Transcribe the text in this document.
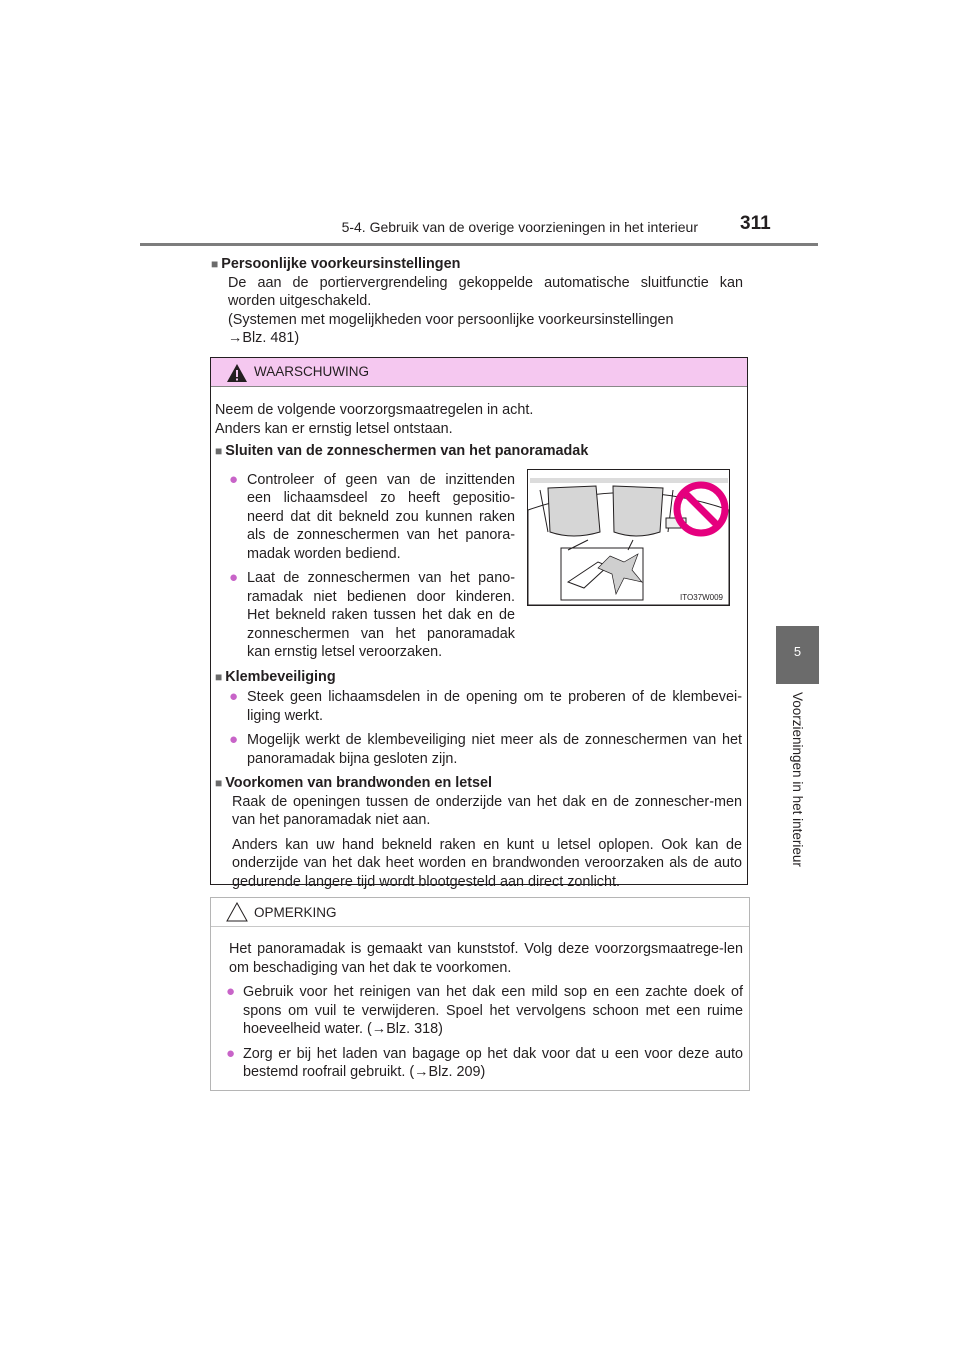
5-4. Gebruik van de overige voorzieningen in het interieur 311
5
Voorzieningen in het interieur
■ Persoonlijke voorkeursinstellingen
De aan de portiervergrendeling gekoppelde automatische sluitfunctie kan worden uitgeschakeld.
(Systemen met mogelijkheden voor persoonlijke voorkeursinstellingen
→Blz. 481)
WAARSCHUWING
Neem de volgende voorzorgsmaatregelen in acht.
Anders kan er ernstig letsel ontstaan.
■ Sluiten van de zonneschermen van het panoramadak
● Controleer of geen van de inzittenden een lichaamsdeel zo heeft gepositio-neerd dat dit bekneld zou kunnen raken als de zonneschermen van het panora-madak worden bediend.
● Laat de zonneschermen van het pano-ramadak niet bedienen door kinderen. Het bekneld raken tussen het dak en de zonneschermen van het panoramadak kan ernstig letsel veroorzaken.
■ Klembeveiliging
● Steek geen lichaamsdelen in de opening om te proberen of de klembevei-liging werkt.
● Mogelijk werkt de klembeveiliging niet meer als de zonneschermen van het panoramadak bijna gesloten zijn.
■ Voorkomen van brandwonden en letsel
Raak de openingen tussen de onderzijde van het dak en de zonnescher-men van het panoramadak niet aan.
Anders kan uw hand bekneld raken en kunt u letsel oplopen. Ook kan de onderzijde van het dak heet worden en brandwonden veroorzaken als de auto gedurende langere tijd wordt blootgesteld aan direct zonlicht.
ITO37W009
OPMERKING
Het panoramadak is gemaakt van kunststof. Volg deze voorzorgsmaatrege-len om beschadiging van het dak te voorkomen.
● Gebruik voor het reinigen van het dak een mild sop en een zachte doek of spons om vuil te verwijderen. Spoel het vervolgens schoon met een ruime hoeveelheid water. (→Blz. 318)
● Zorg er bij het laden van bagage op het dak voor dat u een voor deze auto bestemd roofrail gebruikt. (→Blz. 209)
